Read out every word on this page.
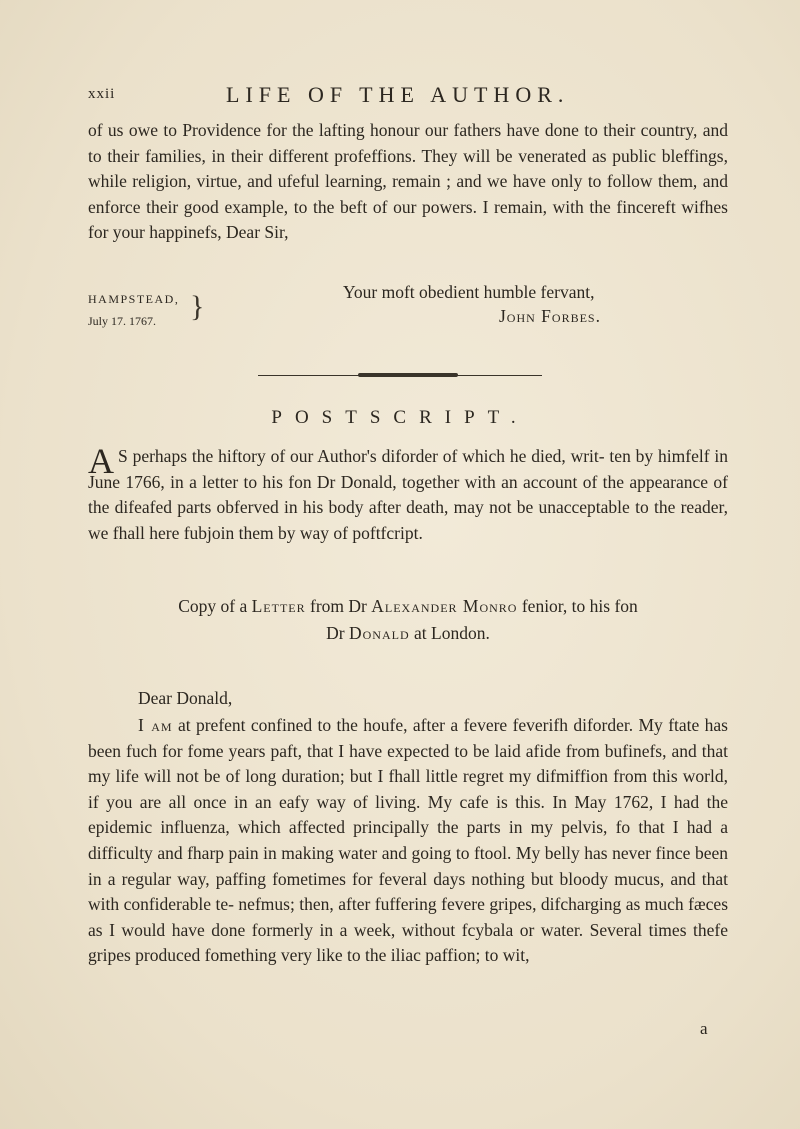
xxii	LIFE OF THE AUTHOR.
of us owe to Providence for the lafting honour our fathers have done to their country, and to their families, in their different profeffions. They will be venerated as public bleffings, while religion, virtue, and ufeful learning, remain ; and we have only to follow them, and enforce their good example, to the beft of our powers. I remain, with the fincereft wifhes for your happinefs, Dear Sir,
HAMPSTEAD,
July 17. 1767. }	Your moft obedient humble fervant,
John Forbes.
POSTSCRIPT.
A S perhaps the hiftory of our Author's diforder of which he died, writ- ten by himfelf in June 1766, in a letter to his fon Dr Donald, together with an account of the appearance of the difeafed parts obferved in his body after death, may not be unacceptable to the reader, we fhall here fubjoin them by way of poftfcript.
Copy of a Letter from Dr Alexander Monro fenior, to his fon
Dr Donald at London.
Dear Donald,
I am at prefent confined to the houfe, after a fevere feverifh diforder. My ftate has been fuch for fome years paft, that I have expected to be laid afide from bufinefs, and that my life will not be of long duration; but I fhall little regret my difmiffion from this world, if you are all once in an eafy way of living. My cafe is this. In May 1762, I had the epidemic influenza, which affected principally the parts in my pelvis, fo that I had a difficulty and fharp pain in making water and going to ftool. My belly has never fince been in a regular way, paffing fometimes for feveral days nothing but bloody mucus, and that with confiderable te- nefmus; then, after fuffering fevere gripes, difcharging as much fæces as I would have done formerly in a week, without fcybala or water. Several times thefe gripes produced fomething very like to the iliac paffion; to wit,
a
